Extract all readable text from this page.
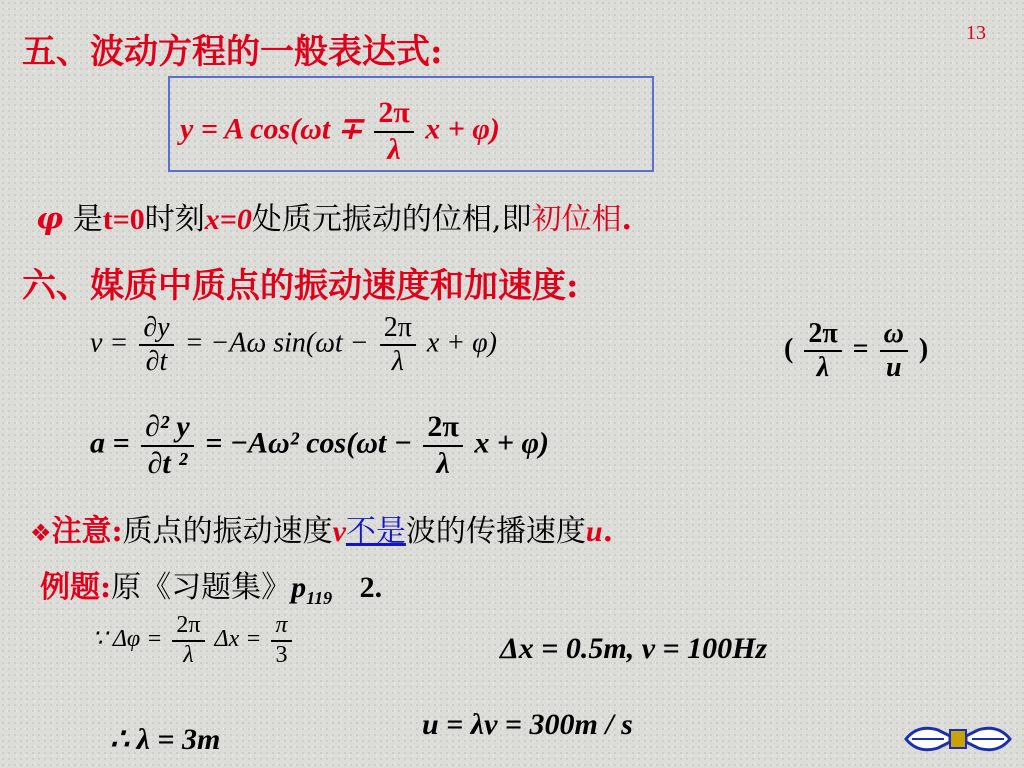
13
五、波动方程的一般表达式:
y = A $\cos(\omega t \mp \frac{2\pi}{\lambda}$ x + φ)
φ 是t=0时刻x=0处质元振动的位相,即初位相.
六、媒质中质点的振动速度和加速度:
$v = \frac{\partial y}{\partial t} = -A\omega$ $\sin(\omega t - \frac{2\pi}{\lambda}$ x + φ)	( $\frac{2\pi}{\lambda} = \frac{\omega}{u}$ )
$a = \frac{\text{∂² y}}{\text{∂t ²}} = -A\omega^2$ $\cos(\omega t - \frac{2\pi}{\lambda}$ x + φ)
❖注意:质点的振动速度v不是波的传播速度u.
例题:原《习题集》$p_{119}$ 2.
∵ $\Delta\varphi = \frac{2\pi}{\lambda}$ $\Delta x = \frac{\pi}{3}$	Δx = 0.5m, ν = 100Hz
∴ λ = 3m	u = λν = 300m / s
